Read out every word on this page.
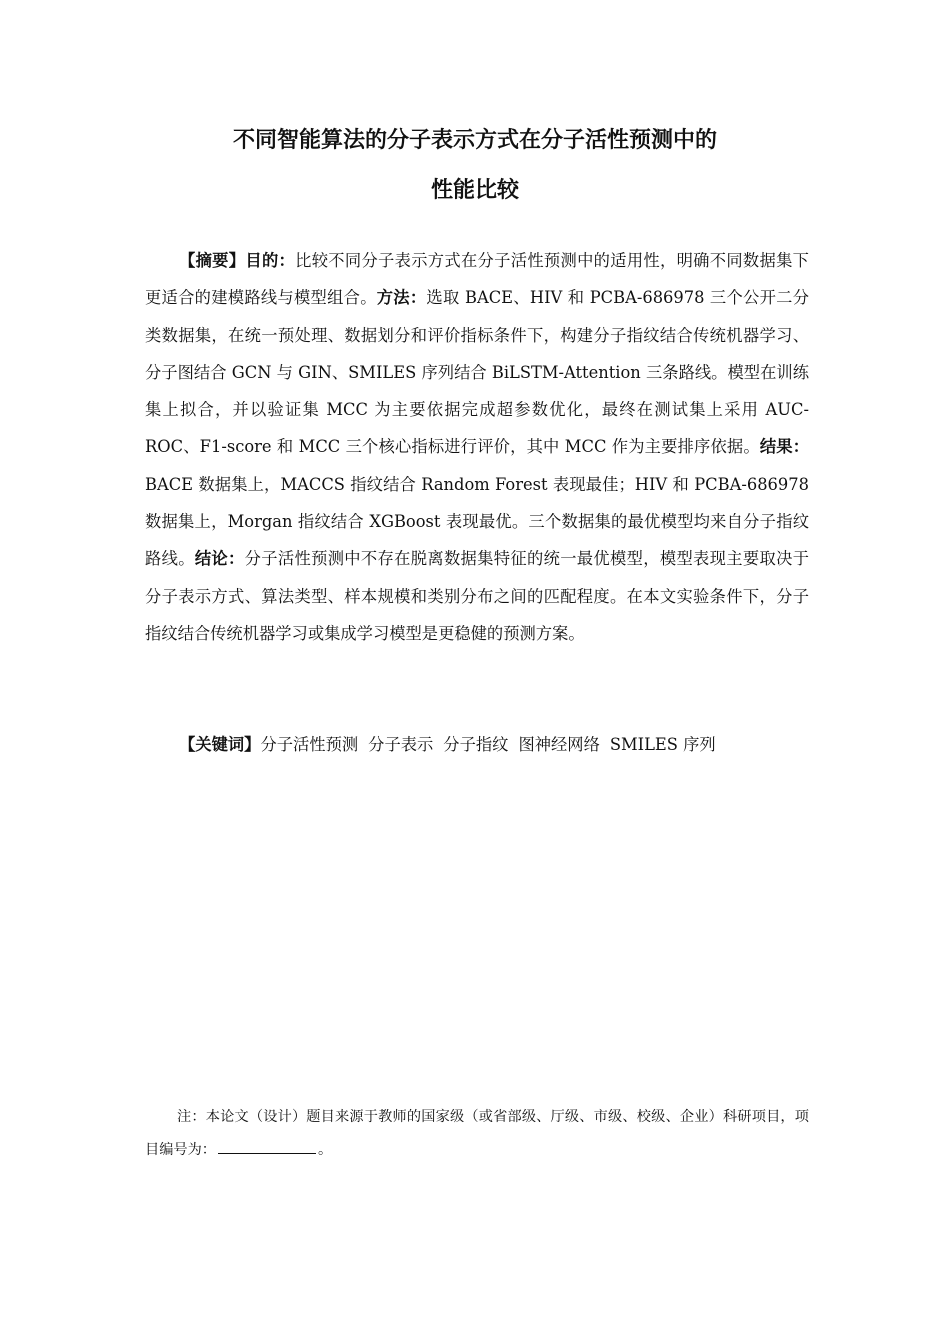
不同智能算法的分子表示方式在分子活性预测中的
性能比较

【摘要】目的：比较不同分子表示方式在分子活性预测中的适用性，明确不同数据集下更适合的建模路线与模型组合。方法：选取 BACE、HIV 和 PCBA-686978 三个公开二分类数据集，在统一预处理、数据划分和评价指标条件下，构建分子指纹结合传统机器学习、分子图结合 GCN 与 GIN、SMILES 序列结合 BiLSTM-Attention 三条路线。模型在训练集上拟合，并以验证集 MCC 为主要依据完成超参数优化，最终在测试集上采用 AUC-ROC、F1-score 和 MCC 三个核心指标进行评价，其中 MCC 作为主要排序依据。结果：BACE 数据集上，MACCS 指纹结合 Random Forest 表现最佳；HIV 和 PCBA-686978 数据集上，Morgan 指纹结合 XGBoost 表现最优。三个数据集的最优模型均来自分子指纹路线。结论：分子活性预测中不存在脱离数据集特征的统一最优模型，模型表现主要取决于分子表示方式、算法类型、样本规模和类别分布之间的匹配程度。在本文实验条件下，分子指纹结合传统机器学习或集成学习模型是更稳健的预测方案。

【关键词】分子活性预测 分子表示 分子指纹 图神经网络 SMILES 序列

注：本论文（设计）题目来源于教师的国家级（或省部级、厅级、市级、校级、企业）科研项目，项目编号为：	。
